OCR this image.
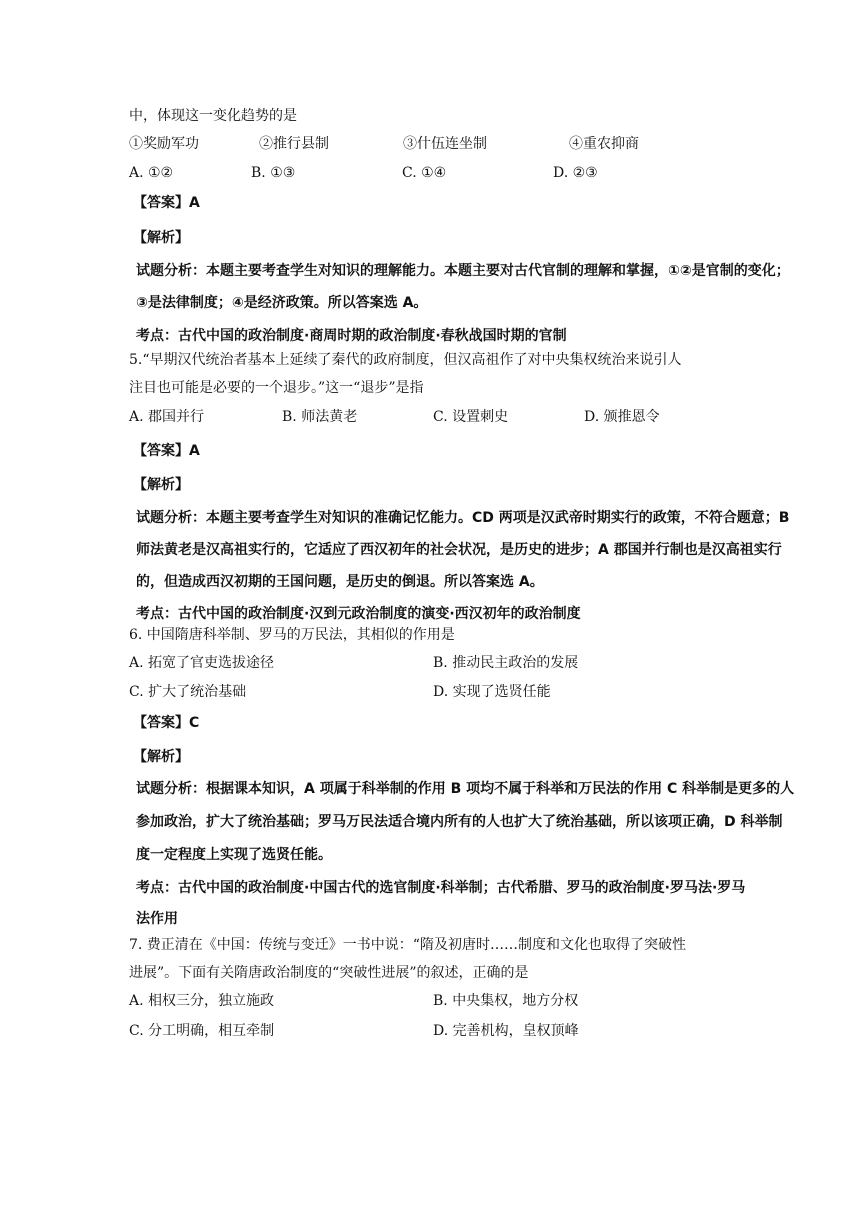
中，体现这一变化趋势的是
①奖励军功	②推行县制	③什伍连坐制	④重农抑商
A. ①②	B. ①③	C. ①④	D. ②③
【答案】A
【解析】
试题分析：本题主要考查学生对知识的理解能力。本题主要对古代官制的理解和掌握，①②是官制的变化；
③是法律制度；④是经济政策。所以答案选 A。
考点：古代中国的政治制度·商周时期的政治制度·春秋战国时期的官制
5.“早期汉代统治者基本上延续了秦代的政府制度，但汉高祖作了对中央集权统治来说引人
注目也可能是必要的一个退步。”这一“退步”是指
A. 郡国并行	B. 师法黄老	C. 设置刺史	D. 颁推恩令
【答案】A
【解析】
试题分析：本题主要考查学生对知识的准确记忆能力。CD 两项是汉武帝时期实行的政策，不符合题意；B
师法黄老是汉高祖实行的，它适应了西汉初年的社会状况，是历史的进步；A 郡国并行制也是汉高祖实行
的，但造成西汉初期的王国问题，是历史的倒退。所以答案选 A。
考点：古代中国的政治制度·汉到元政治制度的演变·西汉初年的政治制度
6. 中国隋唐科举制、罗马的万民法，其相似的作用是
A. 拓宽了官吏选拔途径	B. 推动民主政治的发展
C. 扩大了统治基础	D. 实现了选贤任能
【答案】C
【解析】
试题分析：根据课本知识，A 项属于科举制的作用 B 项均不属于科举和万民法的作用 C 科举制是更多的人
参加政治，扩大了统治基础；罗马万民法适合境内所有的人也扩大了统治基础，所以该项正确，D 科举制
度一定程度上实现了选贤任能。
考点：古代中国的政治制度·中国古代的选官制度·科举制；古代希腊、罗马的政治制度·罗马法·罗马
法作用
7. 费正清在《中国：传统与变迁》一书中说：“隋及初唐时……制度和文化也取得了突破性
进展”。下面有关隋唐政治制度的“突破性进展”的叙述，正确的是
A. 相权三分，独立施政	B. 中央集权，地方分权
C. 分工明确，相互牵制	D. 完善机构，皇权顶峰
